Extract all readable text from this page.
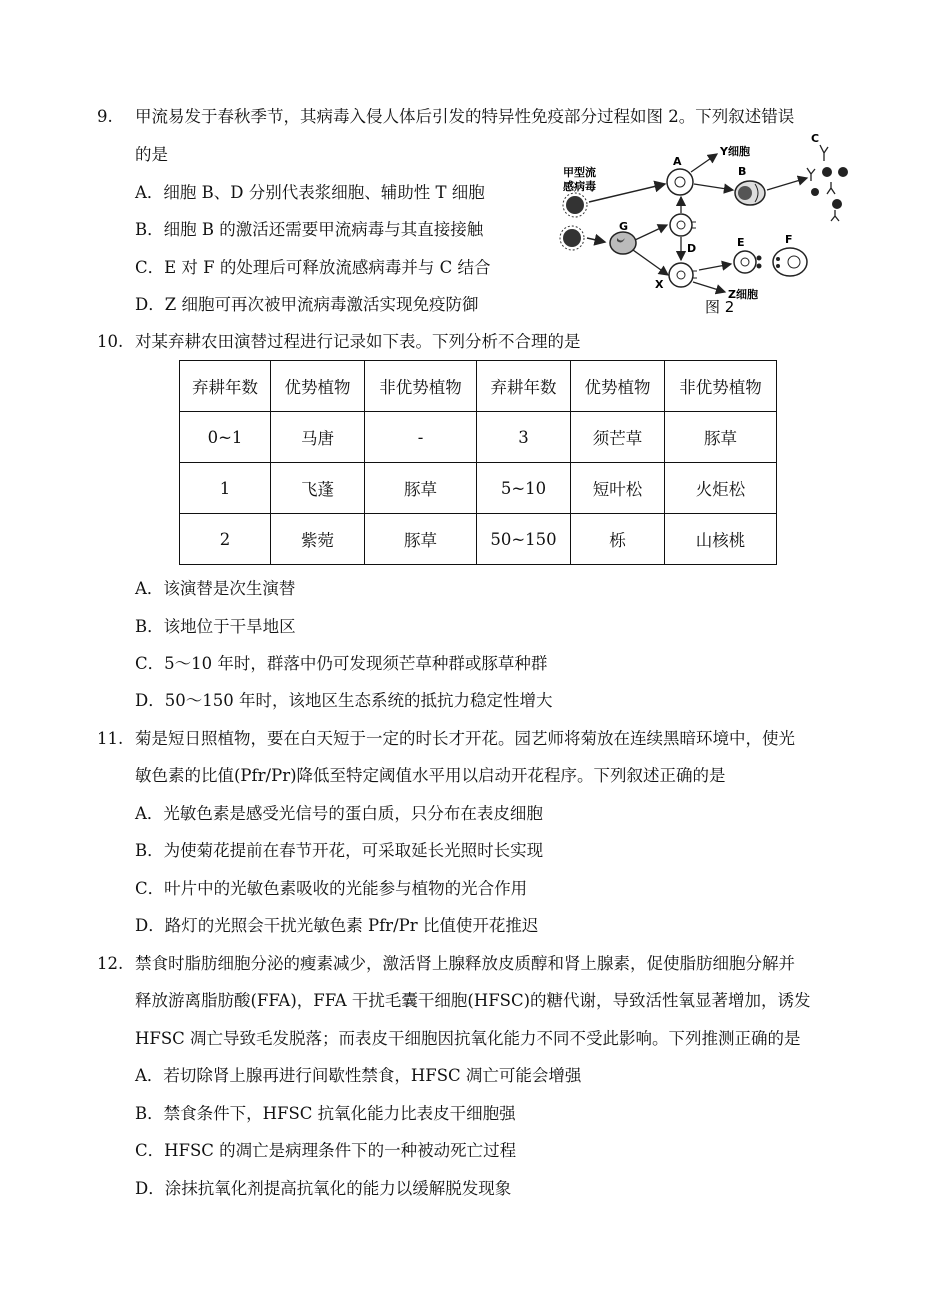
9. 甲流易发于春秋季节，其病毒入侵人体后引发的特异性免疫部分过程如图 2。下列叙述错误
的是
A．细胞 B、D 分别代表浆细胞、辅助性 T 细胞
B．细胞 B 的激活还需要甲流病毒与其直接接触
C．E 对 F 的处理后可释放流感病毒并与 C 结合
D．Z 细胞可再次被甲流病毒激活实现免疫防御
甲型流
感病毒
A
Y细胞
B
C
G
D
X
Z细胞
E	F
图 2
10. 对某弃耕农田演替过程进行记录如下表。下列分析不合理的是
弃耕年数	优势植物	非优势植物	弃耕年数	优势植物	非优势植物
0~1	马唐	-	3	须芒草	豚草
1	飞蓬	豚草	5~10	短叶松	火炬松
2	紫菀	豚草	50~150	栎	山核桃
A．该演替是次生演替
B．该地位于干旱地区
C．5～10 年时，群落中仍可发现须芒草种群或豚草种群
D．50～150 年时，该地区生态系统的抵抗力稳定性增大
11. 菊是短日照植物，要在白天短于一定的时长才开花。园艺师将菊放在连续黑暗环境中，使光
敏色素的比值(Pfr/Pr)降低至特定阈值水平用以启动开花程序。下列叙述正确的是
A．光敏色素是感受光信号的蛋白质，只分布在表皮细胞
B．为使菊花提前在春节开花，可采取延长光照时长实现
C．叶片中的光敏色素吸收的光能参与植物的光合作用
D．路灯的光照会干扰光敏色素 Pfr/Pr 比值使开花推迟
12. 禁食时脂肪细胞分泌的瘦素减少，激活肾上腺释放皮质醇和肾上腺素，促使脂肪细胞分解并
释放游离脂肪酸(FFA)，FFA 干扰毛囊干细胞(HFSC)的糖代谢，导致活性氧显著增加，诱发
HFSC 凋亡导致毛发脱落；而表皮干细胞因抗氧化能力不同不受此影响。下列推测正确的是
A．若切除肾上腺再进行间歇性禁食，HFSC 凋亡可能会增强
B．禁食条件下，HFSC 抗氧化能力比表皮干细胞强
C．HFSC 的凋亡是病理条件下的一种被动死亡过程
D．涂抹抗氧化剂提高抗氧化的能力以缓解脱发现象
